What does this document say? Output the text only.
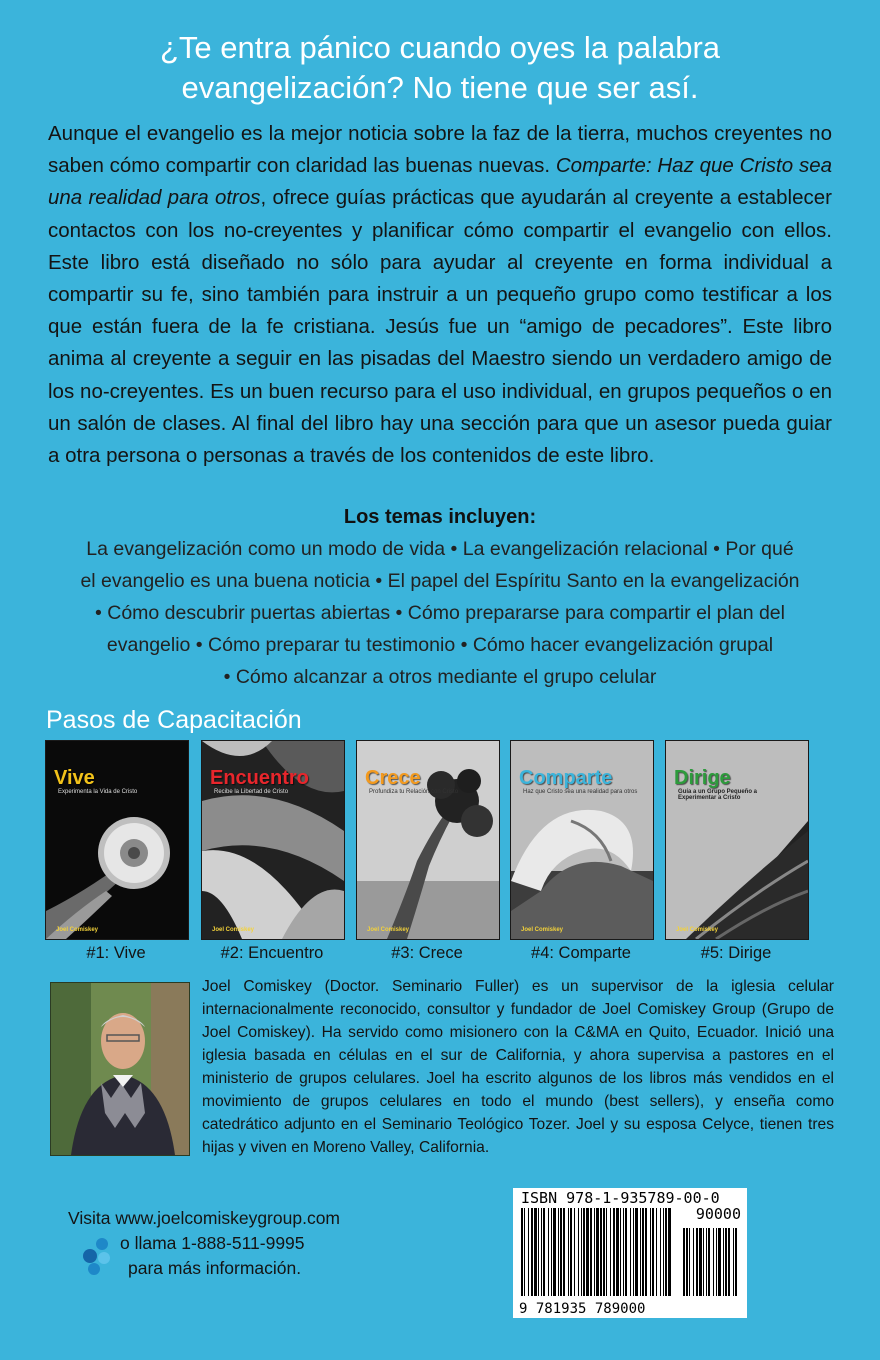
¿Te entra pánico cuando oyes la palabra
evangelización? No tiene que ser así.

Aunque el evangelio es la mejor noticia sobre la faz de la tierra, muchos creyentes no saben cómo compartir con claridad las buenas nuevas. Comparte: Haz que Cristo sea una realidad para otros, ofrece guías prácticas que ayudarán al creyente a establecer contactos con los no-creyentes y planificar cómo compartir el evangelio con ellos. Este libro está diseñado no sólo para ayudar al creyente en forma individual a compartir su fe, sino también para instruir a un pequeño grupo como testificar a los que están fuera de la fe cristiana. Jesús fue un “amigo de pecadores”. Este libro anima al creyente a seguir en las pisadas del Maestro siendo un verdadero amigo de los no-creyentes. Es un buen recurso para el uso individual, en grupos pequeños o en un salón de clases. Al final del libro hay una sección para que un asesor pueda guiar a otra persona o personas a través de los contenidos de este libro.

Los temas incluyen:
La evangelización como un modo de vida • La evangelización relacional • Por qué
el evangelio es una buena noticia • El papel del Espíritu Santo en la evangelización
• Cómo descubrir puertas abiertas • Cómo prepararse para compartir el plan del
evangelio • Cómo preparar tu testimonio • Cómo hacer evangelización grupal
• Cómo alcanzar a otros mediante el grupo celular
Pasos de Capacitación
Vive
Experimenta la Vida de Cristo
Joel Comiskey
#1: Vive
Encuentro
Recibe la Libertad de Cristo
Joel Comiskey
#2: Encuentro
Crece
Profundiza tu Relación con Cristo
Joel Comiskey
#3: Crece
Comparte
Haz que Cristo sea una realidad para otros
Joel Comiskey
#4: Comparte
Dirige
Guía a un Grupo Pequeño a Experimentar a Cristo
Joel Comiskey
#5: Dirige

Joel Comiskey (Doctor. Seminario Fuller) es un supervisor de la iglesia celular internacionalmente reconocido, consultor y fundador de Joel Comiskey Group (Grupo de Joel Comiskey). Ha servido como misionero con la C&MA en Quito, Ecuador. Inició una iglesia basada en células en el sur de California, y ahora supervisa a pastores en el ministerio de grupos celulares. Joel ha escrito algunos de los libros más vendidos en el movimiento de grupos celulares en todo el mundo (best sellers), y enseña como catedrático adjunto en el Seminario Teológico Tozer. Joel y su esposa Celyce, tienen tres hijas y viven en Moreno Valley, California.

Visita www.joelcomiskeygroup.com
o llama 1-888-511-9995
para más información.
ISBN 978-1-935789-00-0
90000
9 781935 789000
